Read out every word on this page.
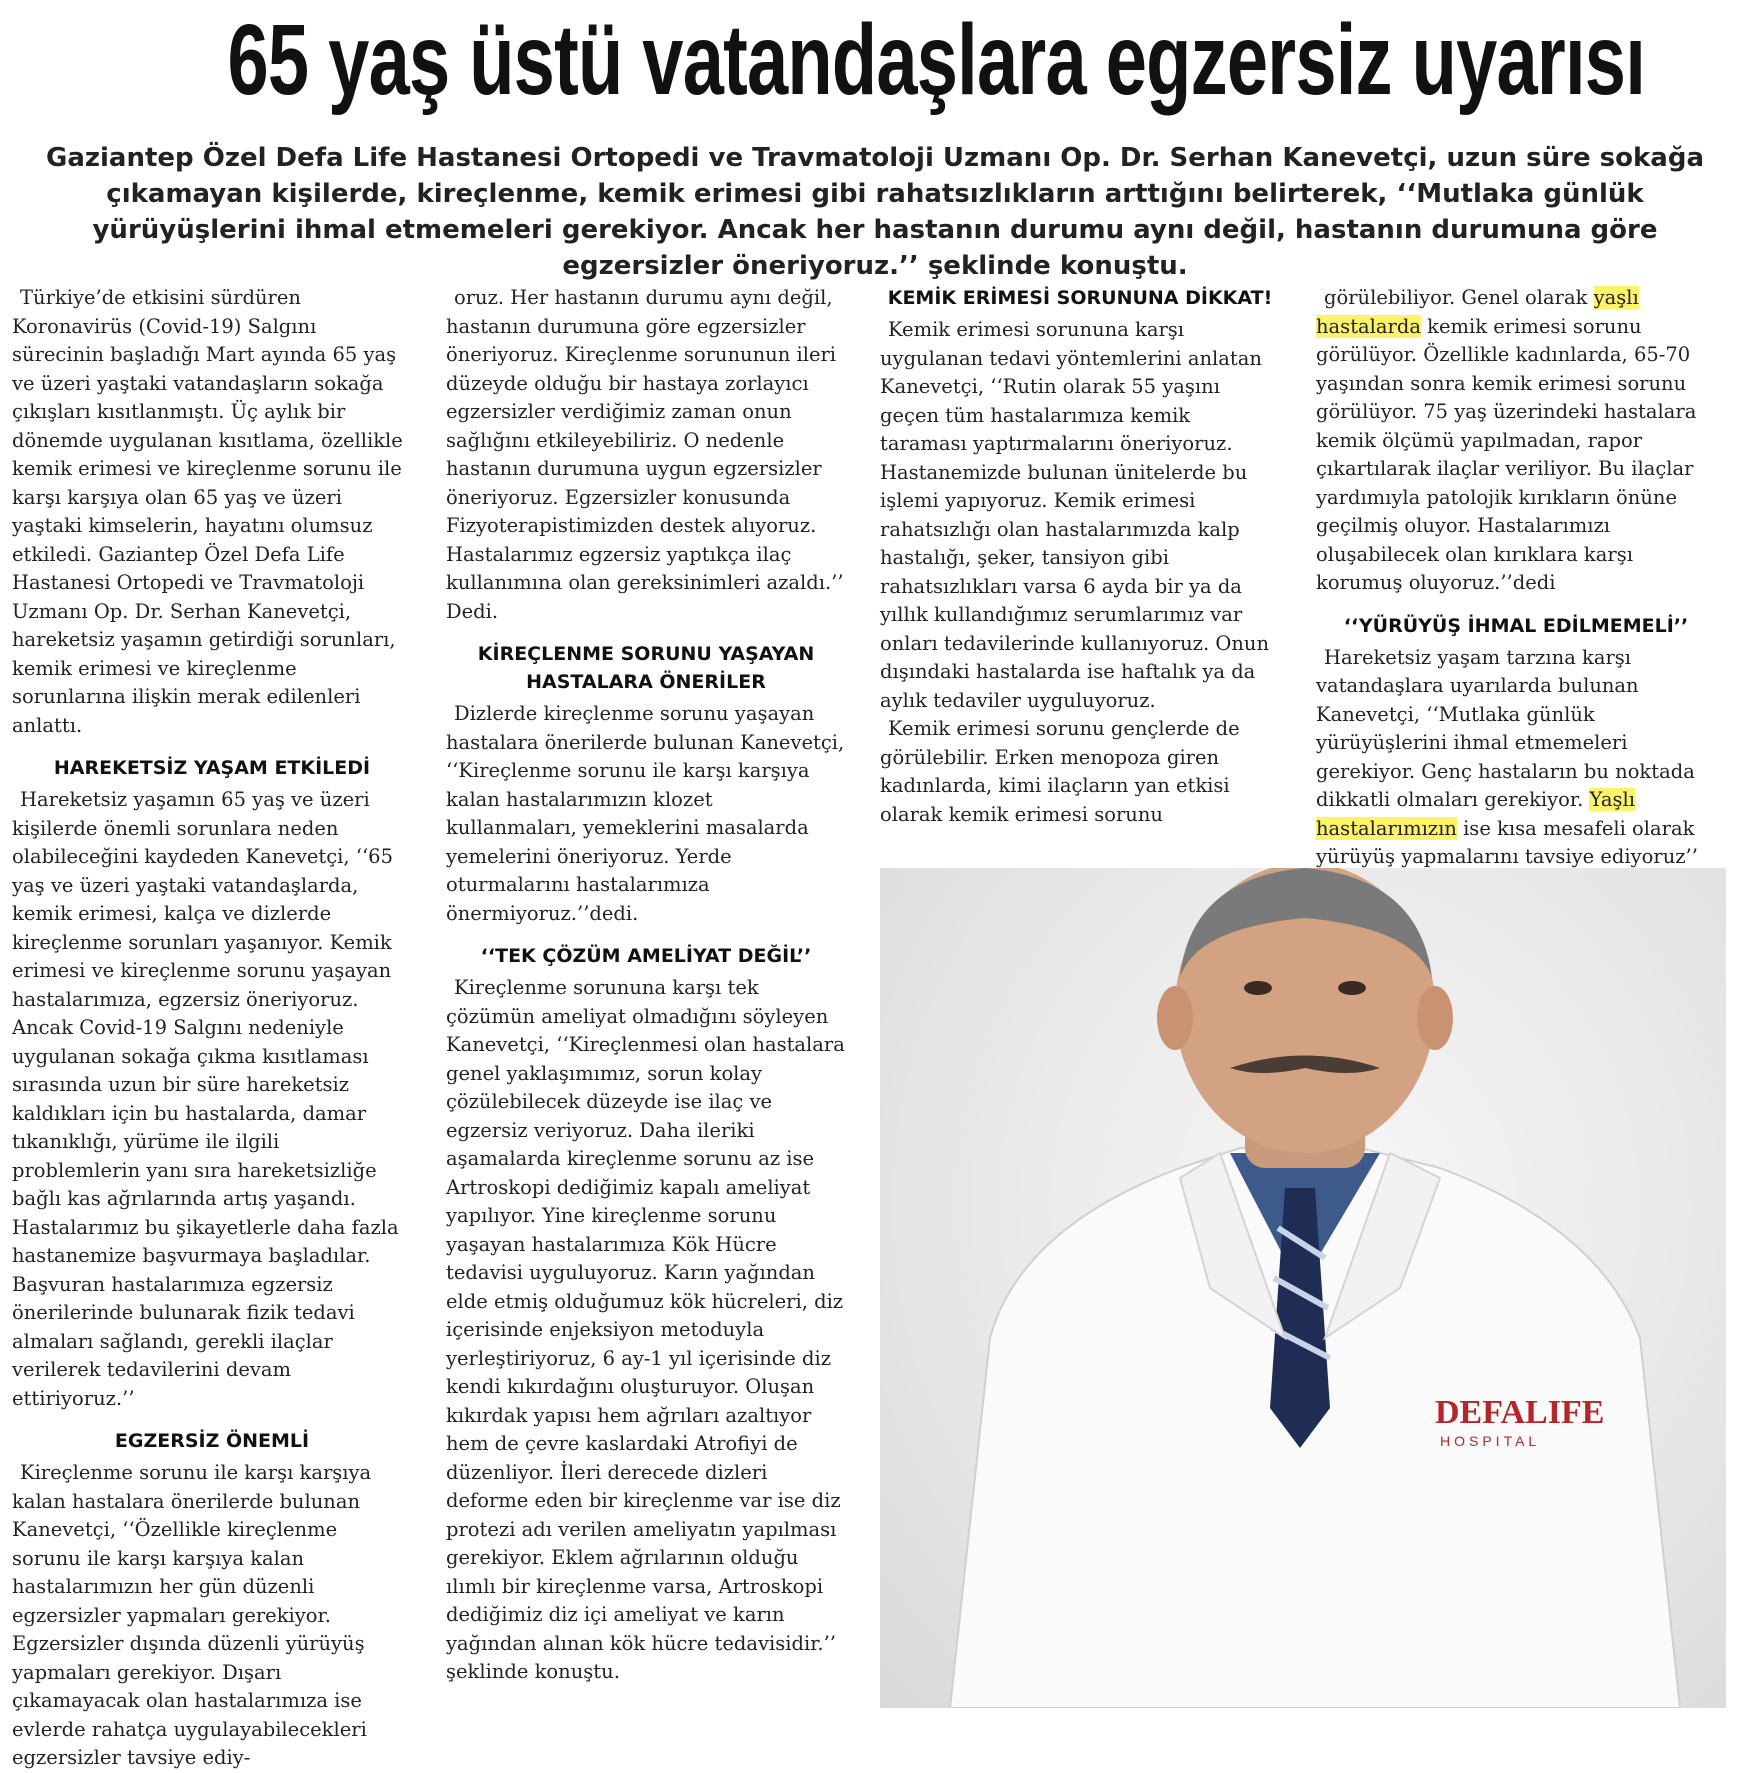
65 yaş üstü vatandaşlara egzersiz uyarısı
Gaziantep Özel Defa Life Hastanesi Ortopedi ve Travmatoloji Uzmanı Op. Dr. Serhan Kanevetçi, uzun süre sokağa çıkamayan kişilerde, kireçlenme, kemik erimesi gibi rahatsızlıkların arttığını belirterek, ‘‘Mutlaka günlük yürüyüşlerini ihmal etmemeleri gerekiyor. Ancak her hastanın durumu aynı değil, hastanın durumuna göre egzersizler öneriyoruz.’’ şeklinde konuştu.

Türkiye’de etkisini sürdüren Koronavirüs (Covid-19) Salgını sürecinin başladığı Mart ayında 65 yaş ve üzeri yaştaki vatandaşların sokağa çıkışları kısıtlanmıştı. Üç aylık bir dönemde uygulanan kısıtlama, özellikle kemik erimesi ve kireçlenme sorunu ile karşı karşıya olan 65 yaş ve üzeri yaştaki kimselerin, hayatını olumsuz etkiledi. Gaziantep Özel Defa Life Hastanesi Ortopedi ve Travmatoloji Uzmanı Op. Dr. Serhan Kanevetçi, hareketsiz yaşamın getirdiği sorunları, kemik erimesi ve kireçlenme sorunlarına ilişkin merak edilenleri anlattı.

HAREKETSİZ YAŞAM ETKİLEDİ

Hareketsiz yaşamın 65 yaş ve üzeri kişilerde önemli sorunlara neden olabileceğini kaydeden Kanevetçi, ‘‘65 yaş ve üzeri yaştaki vatandaşlarda, kemik erimesi, kalça ve dizlerde kireçlenme sorunları yaşanıyor. Kemik erimesi ve kireçlenme sorunu yaşayan hastalarımıza, egzersiz öneriyoruz. Ancak Covid-19 Salgını nedeniyle uygulanan sokağa çıkma kısıtlaması sırasında uzun bir süre hareketsiz kaldıkları için bu hastalarda, damar tıkanıklığı, yürüme ile ilgili problemlerin yanı sıra hareketsizliğe bağlı kas ağrılarında artış yaşandı. Hastalarımız bu şikayetlerle daha fazla hastanemize başvurmaya başladılar. Başvuran hastalarımıza egzersiz önerilerinde bulunarak fizik tedavi almaları sağlandı, gerekli ilaçlar verilerek tedavilerini devam ettiriyoruz.’’

EGZERSİZ ÖNEMLİ

Kireçlenme sorunu ile karşı karşıya kalan hastalara önerilerde bulunan Kanevetçi, ‘‘Özellikle kireçlenme sorunu ile karşı karşıya kalan hastalarımızın her gün düzenli egzersizler yapmaları gerekiyor. Egzersizler dışında düzenli yürüyüş yapmaları gerekiyor. Dışarı çıkamayacak olan hastalarımıza ise evlerde rahatça uygulayabilecekleri egzersizler tavsiye ediy-

oruz. Her hastanın durumu aynı değil, hastanın durumuna göre egzersizler öneriyoruz. Kireçlenme sorununun ileri düzeyde olduğu bir hastaya zorlayıcı egzersizler verdiğimiz zaman onun sağlığını etkileyebiliriz. O nedenle hastanın durumuna uygun egzersizler öneriyoruz. Egzersizler konusunda Fizyoterapistimizden destek alıyoruz. Hastalarımız egzersiz yaptıkça ilaç kullanımına olan gereksinimleri azaldı.’’ Dedi.

KİREÇLENME SORUNU YAŞAYAN HASTALARA ÖNERİLER

Dizlerde kireçlenme sorunu yaşayan hastalara önerilerde bulunan Kanevetçi, ‘‘Kireçlenme sorunu ile karşı karşıya kalan hastalarımızın klozet kullanmaları, yemeklerini masalarda yemelerini öneriyoruz. Yerde oturmalarını hastalarımıza önermiyoruz.’’dedi.

‘‘TEK ÇÖZÜM AMELİYAT DEĞİL’’

Kireçlenme sorununa karşı tek çözümün ameliyat olmadığını söyleyen Kanevetçi, ‘‘Kireçlenmesi olan hastalara genel yaklaşımımız, sorun kolay çözülebilecek düzeyde ise ilaç ve egzersiz veriyoruz. Daha ileriki aşamalarda kireçlenme sorunu az ise Artroskopi dediğimiz kapalı ameliyat yapılıyor. Yine kireçlenme sorunu yaşayan hastalarımıza Kök Hücre tedavisi uyguluyoruz. Karın yağından elde etmiş olduğumuz kök hücreleri, diz içerisinde enjeksiyon metoduyla yerleştiriyoruz, 6 ay-1 yıl içerisinde diz kendi kıkırdağını oluşturuyor. Oluşan kıkırdak yapısı hem ağrıları azaltıyor hem de çevre kaslardaki Atrofiyi de düzenliyor. İleri derecede dizleri deforme eden bir kireçlenme var ise diz protezi adı verilen ameliyatın yapılması gerekiyor. Eklem ağrılarının olduğu ılımlı bir kireçlenme varsa, Artroskopi dediğimiz diz içi ameliyat ve karın yağından alınan kök hücre tedavisidir.’’ şeklinde konuştu.

KEMİK ERİMESİ SORUNUNA DİKKAT!

Kemik erimesi sorununa karşı uygulanan tedavi yöntemlerini anlatan Kanevetçi, ‘‘Rutin olarak 55 yaşını geçen tüm hastalarımıza kemik taraması yaptırmalarını öneriyoruz. Hastanemizde bulunan ünitelerde bu işlemi yapıyoruz. Kemik erimesi rahatsızlığı olan hastalarımızda kalp hastalığı, şeker, tansiyon gibi rahatsızlıkları varsa 6 ayda bir ya da yıllık kullandığımız serumlarımız var onları tedavilerinde kullanıyoruz. Onun dışındaki hastalarda ise haftalık ya da aylık tedaviler uyguluyoruz.

Kemik erimesi sorunu gençlerde de görülebilir. Erken menopoza giren kadınlarda, kimi ilaçların yan etkisi olarak kemik erimesi sorunu

görülebiliyor. Genel olarak yaşlı hastalarda kemik erimesi sorunu görülüyor. Özellikle kadınlarda, 65-70 yaşından sonra kemik erimesi sorunu görülüyor. 75 yaş üzerindeki hastalara kemik ölçümü yapılmadan, rapor çıkartılarak ilaçlar veriliyor. Bu ilaçlar yardımıyla patolojik kırıkların önüne geçilmiş oluyor. Hastalarımızı oluşabilecek olan kırıklara karşı korumuş oluyoruz.’’dedi

‘‘YÜRÜYÜŞ İHMAL EDİLMEMELİ’’

Hareketsiz yaşam tarzına karşı vatandaşlara uyarılarda bulunan Kanevetçi, ‘‘Mutlaka günlük yürüyüşlerini ihmal etmemeleri gerekiyor. Genç hastaların bu noktada dikkatli olmaları gerekiyor. Yaşlı hastalarımızın ise kısa mesafeli olarak yürüyüş yapmalarını tavsiye ediyoruz’’

DEFALIFE
HOSPITAL
